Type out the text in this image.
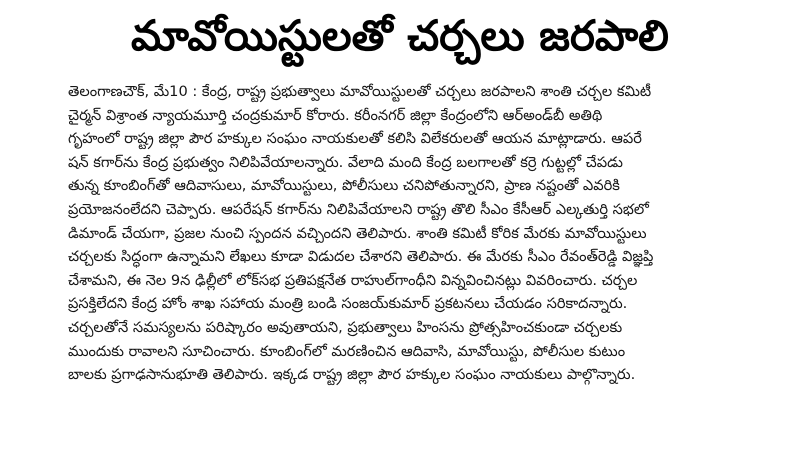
మావోయిస్టులతో చర్చలు జరపాలి
తెలంగాణచౌక్, మే10 : కేంద్ర, రాష్ట్ర ప్రభుత్వాలు మావోయిస్టులతో చర్చలు జరపాలని శాంతి చర్చల కమిటీ
చైర్మన్ విశ్రాంత న్యాయమూర్తి చంద్రకుమార్ కోరారు. కరీంనగర్ జిల్లా కేంద్రంలోని ఆర్అండ్‌బీ అతిథి
గృహంలో రాష్ట్ర జిల్లా పౌర హక్కుల సంఘం నాయకులతో కలిసి విలేకరులతో ఆయన మాట్లాడారు. ఆపరే
షన్ కగార్‌ను కేంద్ర ప్రభుత్వం నిలిపివేయాలన్నారు. వేలాది మంది కేంద్ర బలగాలతో కర్రె గుట్టల్లో చేపడు
తున్న కూంబింగ్‌తో ఆదివాసులు, మావోయిస్టులు, పోలీసులు చనిపోతున్నారని, ప్రాణ నష్టంతో ఎవరికి
ప్రయోజనంలేదని చెప్పారు. ఆపరేషన్ కగార్‌ను నిలిపివేయాలని రాష్ట్ర తొలి సీఎం కేసీఆర్ ఎల్కతుర్తి సభలో
డిమాండ్ చేయగా, ప్రజల నుంచి స్పందన వచ్చిందని తెలిపారు. శాంతి కమిటీ కోరిక మేరకు మావోయిస్టులు
చర్చలకు సిద్ధంగా ఉన్నామని లేఖలు కూడా విడుదల చేశారని తెలిపారు. ఈ మేరకు సీఎం రేవంత్‌రెడ్డి విజ్ఞప్తి
చేశామని, ఈ నెల 9న ఢిల్లీలో లోక్‌సభ ప్రతిపక్షనేత రాహుల్‌గాంధీని విన్నవించినట్లు వివరించారు. చర్చల
ప్రసక్తిలేదని కేంద్ర హోం శాఖ సహాయ మంత్రి బండి సంజయ్‌కుమార్ ప్రకటనలు చేయడం సరికాదన్నారు.
చర్చలతోనే సమస్యలను పరిష్కారం అవుతాయని, ప్రభుత్వాలు హింసను ప్రోత్సహించకుండా చర్చలకు
ముందుకు రావాలని సూచించారు. కూంబింగ్‌లో మరణించిన ఆదివాసి, మావోయిస్టు, పోలీసుల కుటుం
బాలకు ప్రగాఢసానుభూతి తెలిపారు. ఇక్కడ రాష్ట్ర జిల్లా పౌర హక్కుల సంఘం నాయకులు పాల్గొన్నారు.
